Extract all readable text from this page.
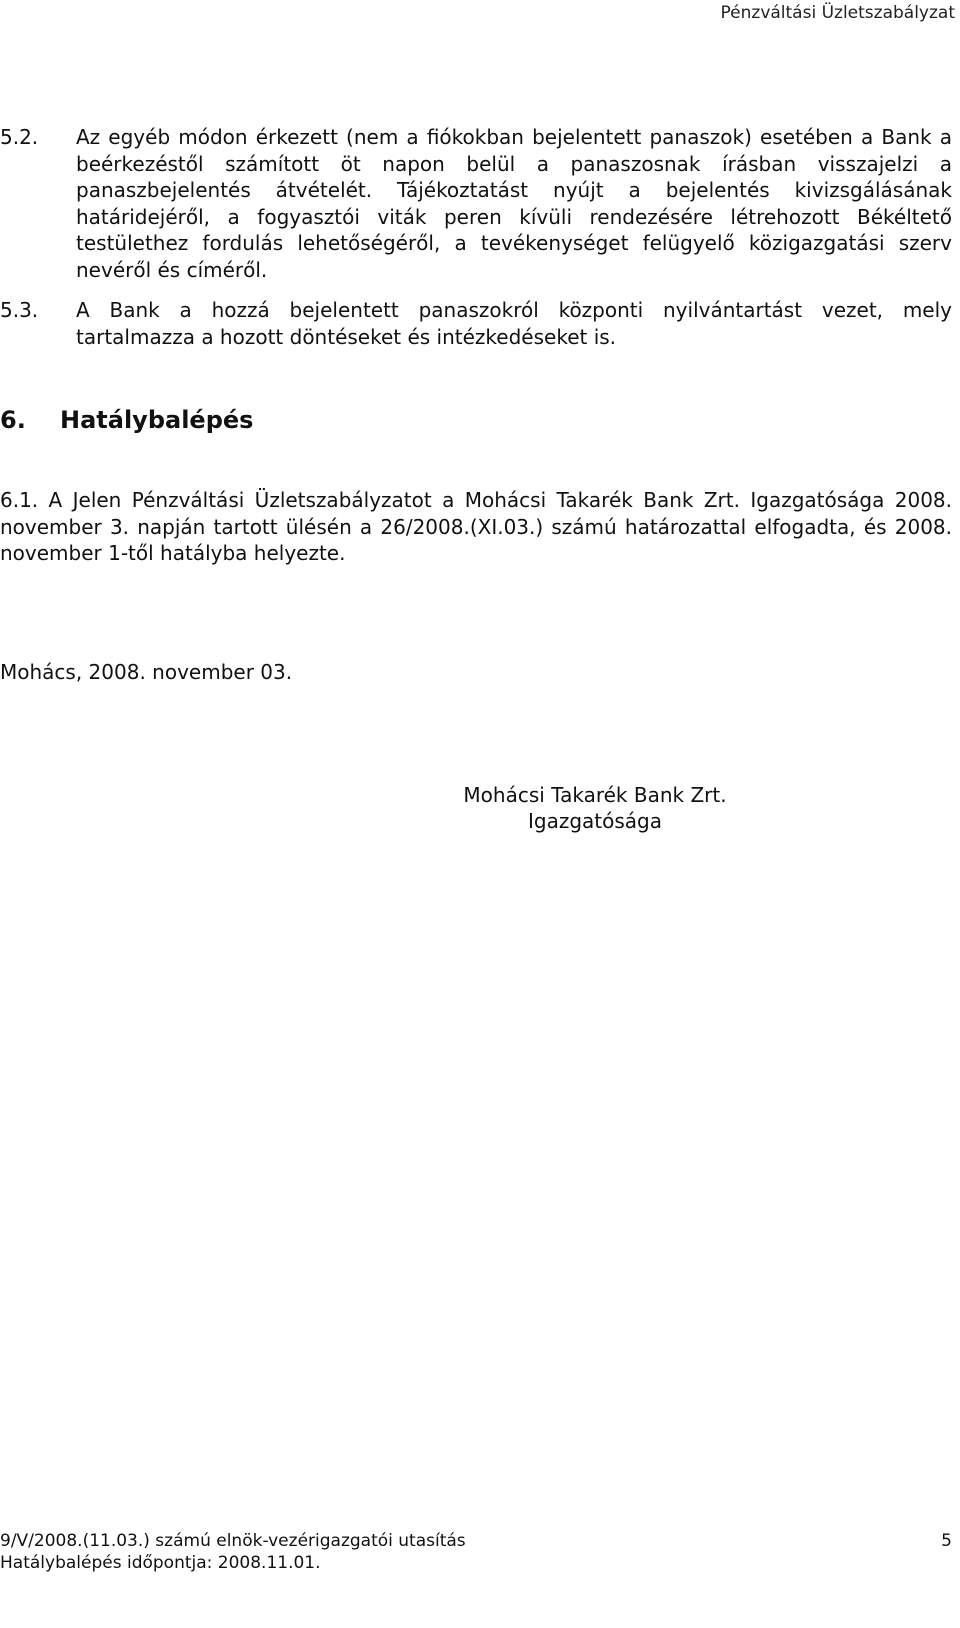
Pénzváltási Üzletszabályzat
5.2. Az egyéb módon érkezett (nem a fiókokban bejelentett panaszok) esetében a Bank a beérkezéstől számított öt napon belül a panaszosnak írásban visszajelzi a panaszbejelentés átvételét. Tájékoztatást nyújt a bejelentés kivizsgálásának határidejéről, a fogyasztói viták peren kívüli rendezésére létrehozott Békéltető testülethez fordulás lehetőségéről, a tevékenységet felügyelő közigazgatási szerv nevéről és címéről.
5.3. A Bank a hozzá bejelentett panaszokról központi nyilvántartást vezet, mely tartalmazza a hozott döntéseket és intézkedéseket is.
6. Hatálybalépés
6.1. A Jelen Pénzváltási Üzletszabályzatot a Mohácsi Takarék Bank Zrt. Igazgatósága 2008. november 3. napján tartott ülésén a 26/2008.(XI.03.) számú határozattal elfogadta, és 2008. november 1-től hatályba helyezte.
Mohács, 2008. november 03.
Mohácsi Takarék Bank Zrt.
Igazgatósága
9/V/2008.(11.03.) számú elnök-vezérigazgatói utasítás
Hatálybalépés időpontja: 2008.11.01.
5
